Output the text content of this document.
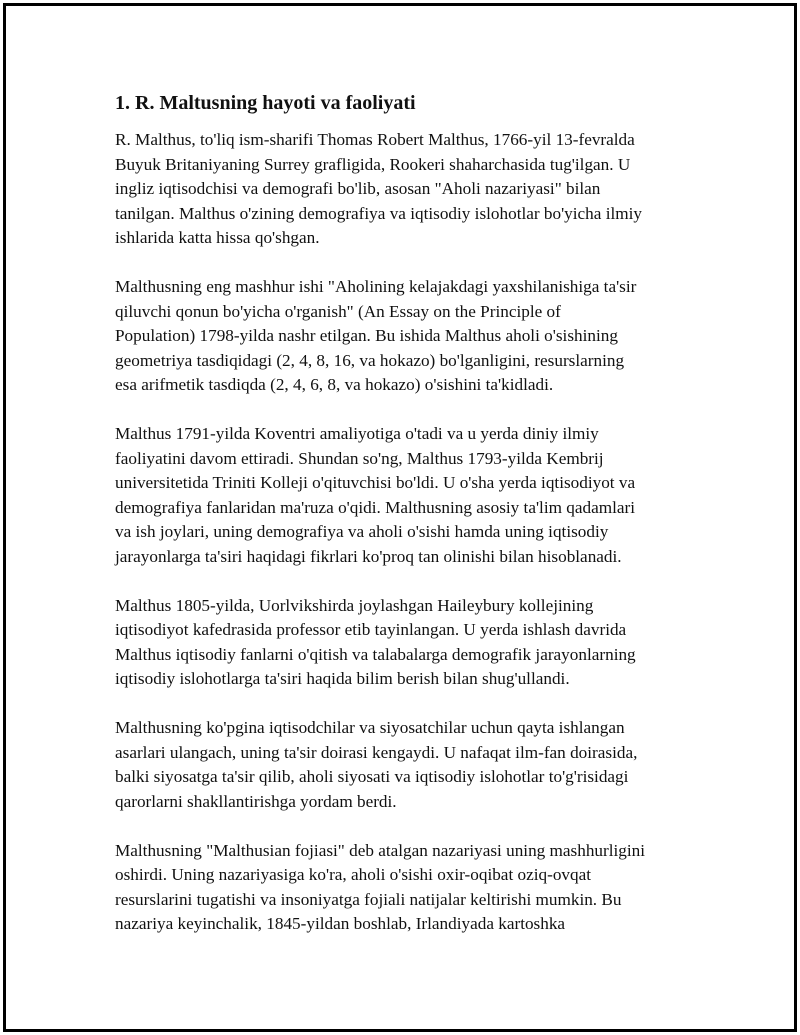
1. R. Maltusning hayoti va faoliyati
R. Malthus, to'liq ism-sharifi Thomas Robert Malthus, 1766-yil 13-fevralda
Buyuk Britaniyaning Surrey grafligida, Rookeri shaharchasida tug'ilgan. U
ingliz iqtisodchisi va demografi bo'lib, asosan "Aholi nazariyasi" bilan
tanilgan. Malthus o'zining demografiya va iqtisodiy islohotlar bo'yicha ilmiy
ishlarida katta hissa qo'shgan.
Malthusning eng mashhur ishi "Aholining kelajakdagi yaxshilanishiga ta'sir
qiluvchi qonun bo'yicha o'rganish" (An Essay on the Principle of
Population) 1798-yilda nashr etilgan. Bu ishida Malthus aholi o'sishining
geometriya tasdiqidagi (2, 4, 8, 16, va hokazo) bo'lganligini, resurslarning
esa arifmetik tasdiqda (2, 4, 6, 8, va hokazo) o'sishini ta'kidladi.
Malthus 1791-yilda Koventri amaliyotiga o'tadi va u yerda diniy ilmiy
faoliyatini davom ettiradi. Shundan so'ng, Malthus 1793-yilda Kembrij
universitetida Triniti Kolleji o'qituvchisi bo'ldi. U o'sha yerda iqtisodiyot va
demografiya fanlaridan ma'ruza o'qidi. Malthusning asosiy ta'lim qadamlari
va ish joylari, uning demografiya va aholi o'sishi hamda uning iqtisodiy
jarayonlarga ta'siri haqidagi fikrlari ko'proq tan olinishi bilan hisoblanadi.
Malthus 1805-yilda, Uorlvikshirda joylashgan Haileybury kollejining
iqtisodiyot kafedrasida professor etib tayinlangan. U yerda ishlash davrida
Malthus iqtisodiy fanlarni o'qitish va talabalarga demografik jarayonlarning
iqtisodiy islohotlarga ta'siri haqida bilim berish bilan shug'ullandi.
Malthusning ko'pgina iqtisodchilar va siyosatchilar uchun qayta ishlangan
asarlari ulangach, uning ta'sir doirasi kengaydi. U nafaqat ilm-fan doirasida,
balki siyosatga ta'sir qilib, aholi siyosati va iqtisodiy islohotlar to'g'risidagi
qarorlarni shakllantirishga yordam berdi.
Malthusning "Malthusian fojiasi" deb atalgan nazariyasi uning mashhurligini
oshirdi. Uning nazariyasiga ko'ra, aholi o'sishi oxir-oqibat oziq-ovqat
resurslarini tugatishi va insoniyatga fojiali natijalar keltirishi mumkin. Bu
nazariya keyinchalik, 1845-yildan boshlab, Irlandiyada kartoshka
